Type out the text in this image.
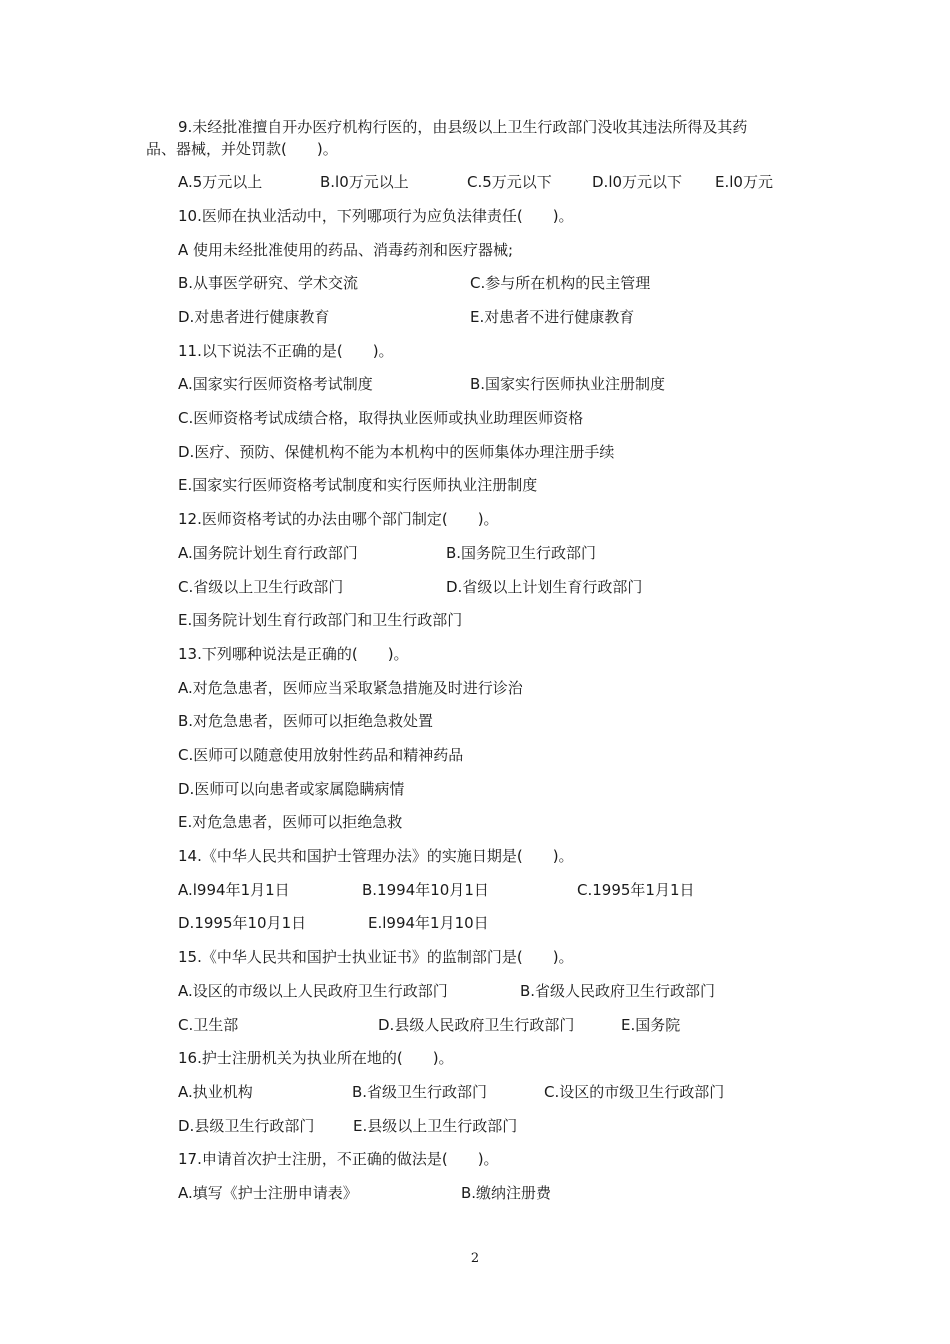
9.未经批准擅自开办医疗机构行医的，由县级以上卫生行政部门没收其违法所得及其药
品、器械，并处罚款(　　)。
A.5万元以上	B.l0万元以上	C.5万元以下	D.l0万元以下 E.l0万元
10.医师在执业活动中，下列哪项行为应负法律责任(　　)。
A 使用未经批准使用的药品、消毒药剂和医疗器械;
B.从事医学研究、学术交流	C.参与所在机构的民主管理
D.对患者进行健康教育	E.对患者不进行健康教育
11.以下说法不正确的是(　　)。
A.国家实行医师资格考试制度	B.国家实行医师执业注册制度
C.医师资格考试成绩合格，取得执业医师或执业助理医师资格
D.医疗、预防、保健机构不能为本机构中的医师集体办理注册手续
E.国家实行医师资格考试制度和实行医师执业注册制度
12.医师资格考试的办法由哪个部门制定(　　)。
A.国务院计划生育行政部门	B.国务院卫生行政部门
C.省级以上卫生行政部门	D.省级以上计划生育行政部门
E.国务院计划生育行政部门和卫生行政部门
13.下列哪种说法是正确的(　　)。
A.对危急患者，医师应当采取紧急措施及时进行诊治
B.对危急患者，医师可以拒绝急救处置
C.医师可以随意使用放射性药品和精神药品
D.医师可以向患者或家属隐瞒病情
E.对危急患者，医师可以拒绝急救
14.《中华人民共和国护士管理办法》的实施日期是(　　)。
A.l994年1月1日	B.1994年10月1日	C.1995年1月1日
D.1995年10月1日	E.l994年1月10日
15.《中华人民共和国护士执业证书》的监制部门是(　　)。
A.设区的市级以上人民政府卫生行政部门	B.省级人民政府卫生行政部门
C.卫生部	D.县级人民政府卫生行政部门	E.国务院
16.护士注册机关为执业所在地的(　　)。
A.执业机构	B.省级卫生行政部门	C.设区的市级卫生行政部门
D.县级卫生行政部门	E.县级以上卫生行政部门
17.申请首次护士注册，不正确的做法是(　　)。
A.填写《护士注册申请表》	B.缴纳注册费
2
